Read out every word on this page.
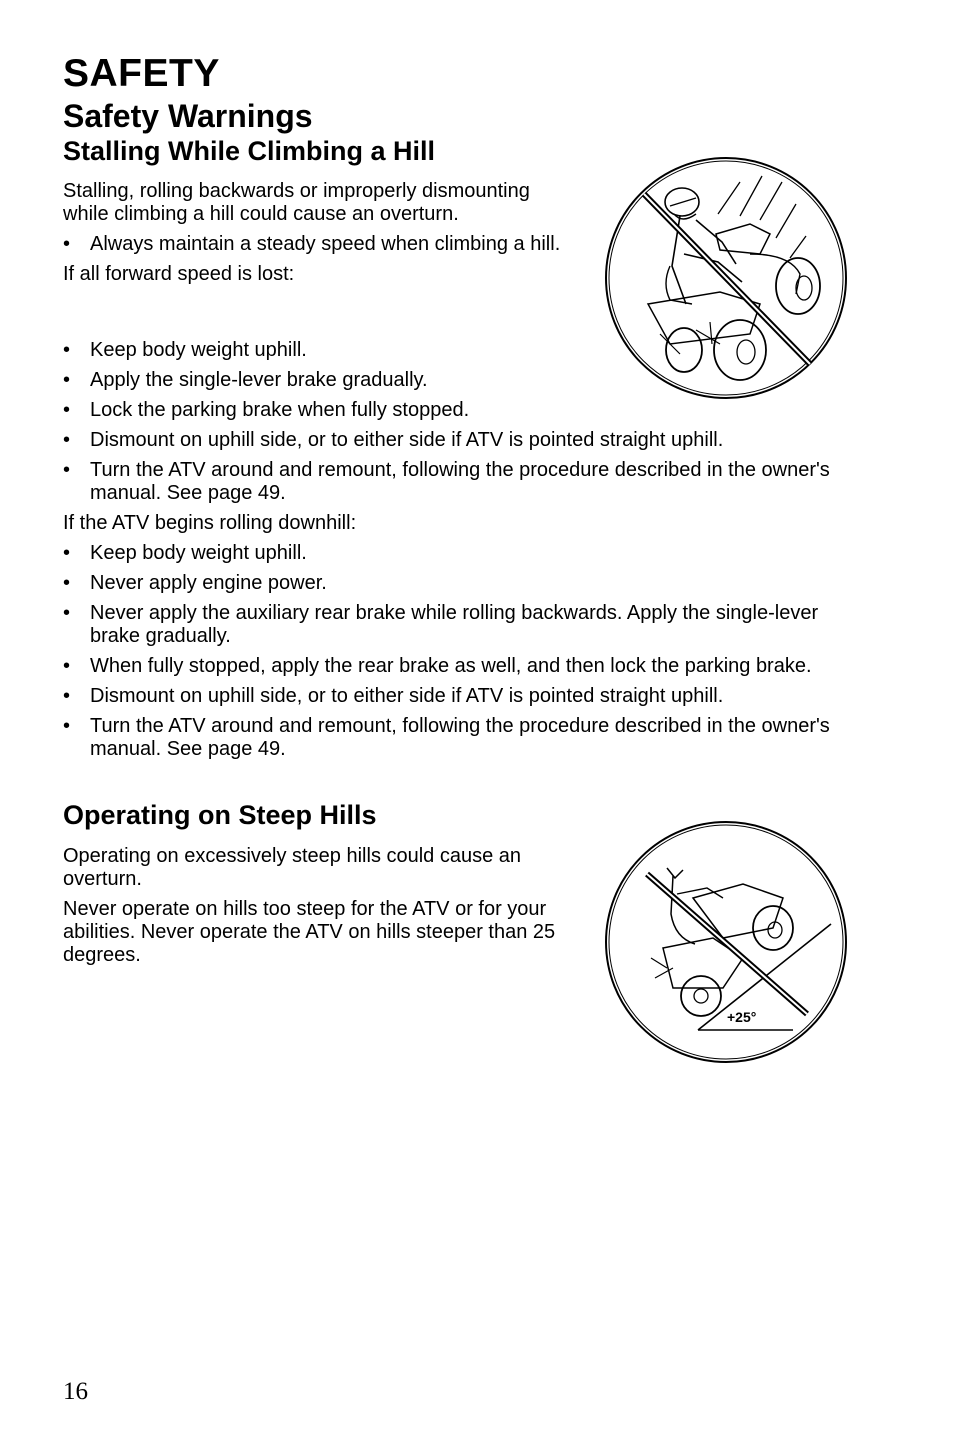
SAFETY
Safety Warnings
Stalling While Climbing a Hill

Stalling, rolling backwards or improperly dismounting while climbing a hill could cause an overturn.

• Always maintain a steady speed when climbing a hill.

If all forward speed is lost:

• Keep body weight uphill.
• Apply the single-lever brake gradually.
• Lock the parking brake when fully stopped.
• Dismount on uphill side, or to either side if ATV is pointed straight uphill.
• Turn the ATV around and remount, following the procedure described in the owner's manual. See page 49.

If the ATV begins rolling downhill:

• Keep body weight uphill.
• Never apply engine power.
• Never apply the auxiliary rear brake while rolling backwards. Apply the single-lever brake gradually.
• When fully stopped, apply the rear brake as well, and then lock the parking brake.
• Dismount on uphill side, or to either side if ATV is pointed straight uphill.
• Turn the ATV around and remount, following the procedure described in the owner's manual. See page 49.
Operating on Steep Hills

Operating on excessively steep hills could cause an overturn.

Never operate on hills too steep for the ATV or for your abilities. Never operate the ATV on hills steeper than 25 degrees.

+25°
16
